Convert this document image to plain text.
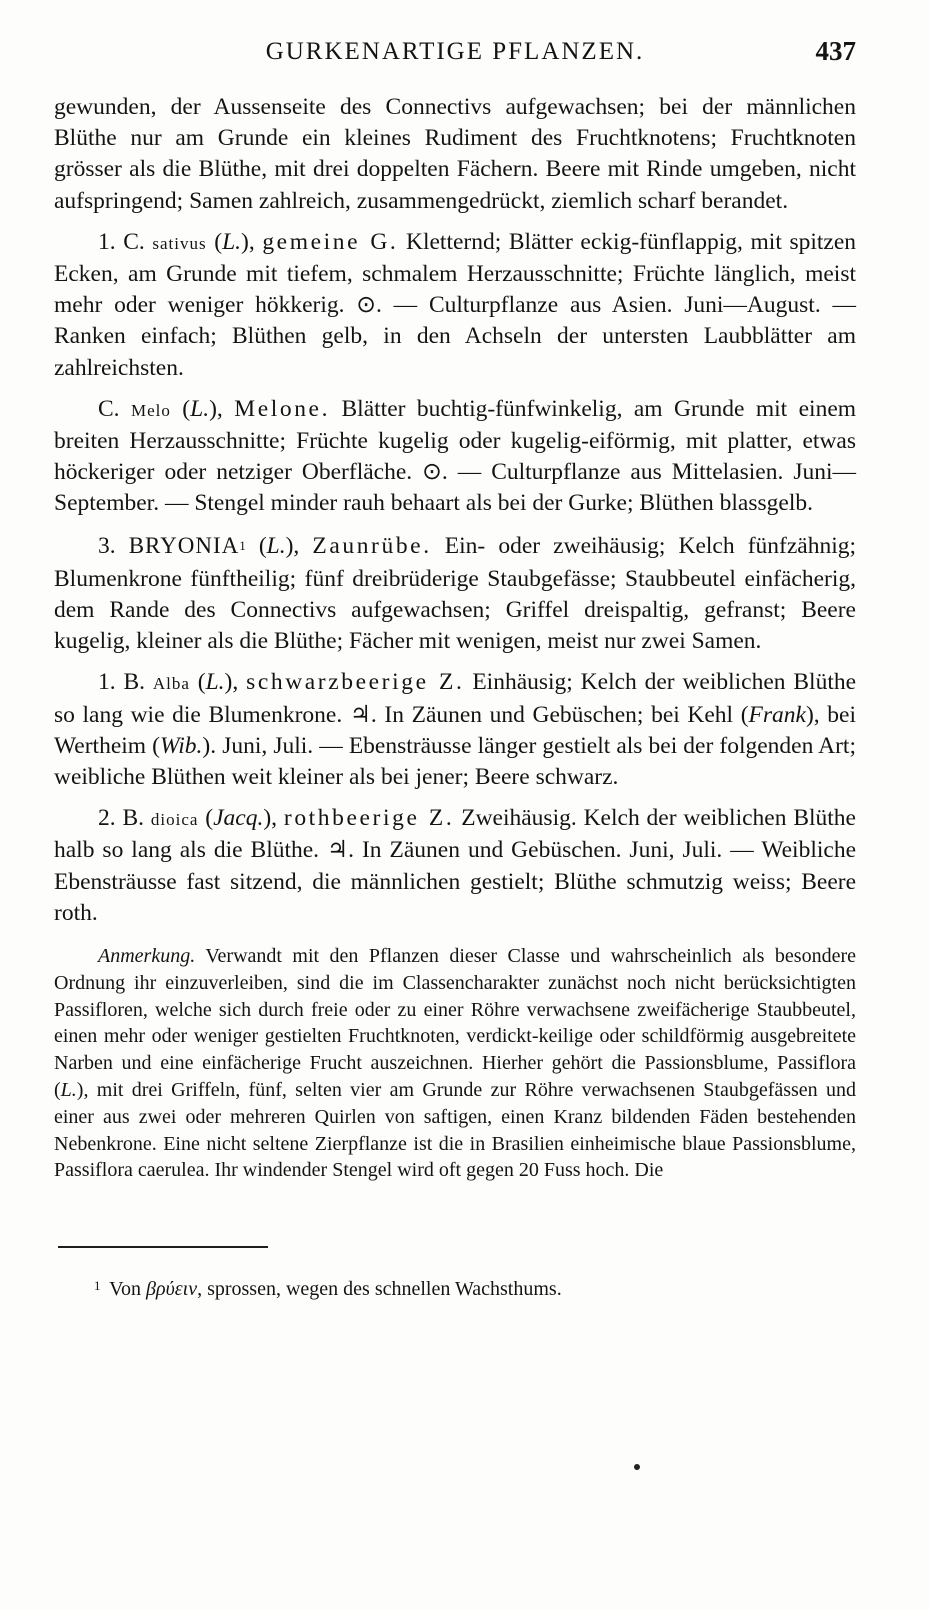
GURKENARTIGE PFLANZEN.	437

gewunden, der Aussenseite des Connectivs aufgewachsen; bei der männlichen Blüthe nur am Grunde ein kleines Rudiment des Fruchtknotens; Fruchtknoten grösser als die Blüthe, mit drei doppelten Fächern. Beere mit Rinde umgeben, nicht aufspringend; Samen zahlreich, zusammengedrückt, ziemlich scharf berandet.

1. C. sativus (L.), gemeine G. Kletternd; Blätter eckig-fünflappig, mit spitzen Ecken, am Grunde mit tiefem, schmalem Herzausschnitte; Früchte länglich, meist mehr oder weniger hökkerig. ⊙. — Culturpflanze aus Asien. Juni—August. — Ranken einfach; Blüthen gelb, in den Achseln der untersten Laubblätter am zahlreichsten.

C. Melo (L.), Melone. Blätter buchtig-fünfwinkelig, am Grunde mit einem breiten Herzausschnitte; Früchte kugelig oder kugelig-eiförmig, mit platter, etwas höckeriger oder netziger Oberfläche. ⊙. — Culturpflanze aus Mittelasien. Juni—September. — Stengel minder rauh behaart als bei der Gurke; Blüthen blassgelb.

3. BRYONIA$^1$ (L.), Zaunrübe. Ein- oder zweihäusig; Kelch fünfzähnig; Blumenkrone fünftheilig; fünf dreibrüderige Staubgefässe; Staubbeutel einfächerig, dem Rande des Connectivs aufgewachsen; Griffel dreispaltig, gefranst; Beere kugelig, kleiner als die Blüthe; Fächer mit wenigen, meist nur zwei Samen.

1. B. Alba (L.), schwarzbeerige Z. Einhäusig; Kelch der weiblichen Blüthe so lang wie die Blumenkrone. ♃. In Zäunen und Gebüschen; bei Kehl (Frank), bei Wertheim (Wib.). Juni, Juli. — Ebensträusse länger gestielt als bei der folgenden Art; weibliche Blüthen weit kleiner als bei jener; Beere schwarz.

2. B. dioica (Jacq.), rothbeerige Z. Zweihäusig. Kelch der weiblichen Blüthe halb so lang als die Blüthe. ♃. In Zäunen und Gebüschen. Juni, Juli. — Weibliche Ebensträusse fast sitzend, die männlichen gestielt; Blüthe schmutzig weiss; Beere roth.

Anmerkung. Verwandt mit den Pflanzen dieser Classe und wahrscheinlich als besondere Ordnung ihr einzuverleiben, sind die im Classencharakter zunächst noch nicht berücksichtigten Passifloren, welche sich durch freie oder zu einer Röhre verwachsene zweifächerige Staubbeutel, einen mehr oder weniger gestielten Fruchtknoten, verdickt-keilige oder schildförmig ausgebreitete Narben und eine einfächerige Frucht auszeichnen. Hierher gehört die Passionsblume, Passiflora (L.), mit drei Griffeln, fünf, selten vier am Grunde zur Röhre verwachsenen Staubgefässen und einer aus zwei oder mehreren Quirlen von saftigen, einen Kranz bildenden Fäden bestehenden Nebenkrone. Eine nicht seltene Zierpflanze ist die in Brasilien einheimische blaue Passionsblume, Passiflora caerulea. Ihr windender Stengel wird oft gegen 20 Fuss hoch. Die

$^1$ Von βρύειν, sprossen, wegen des schnellen Wachsthums.
